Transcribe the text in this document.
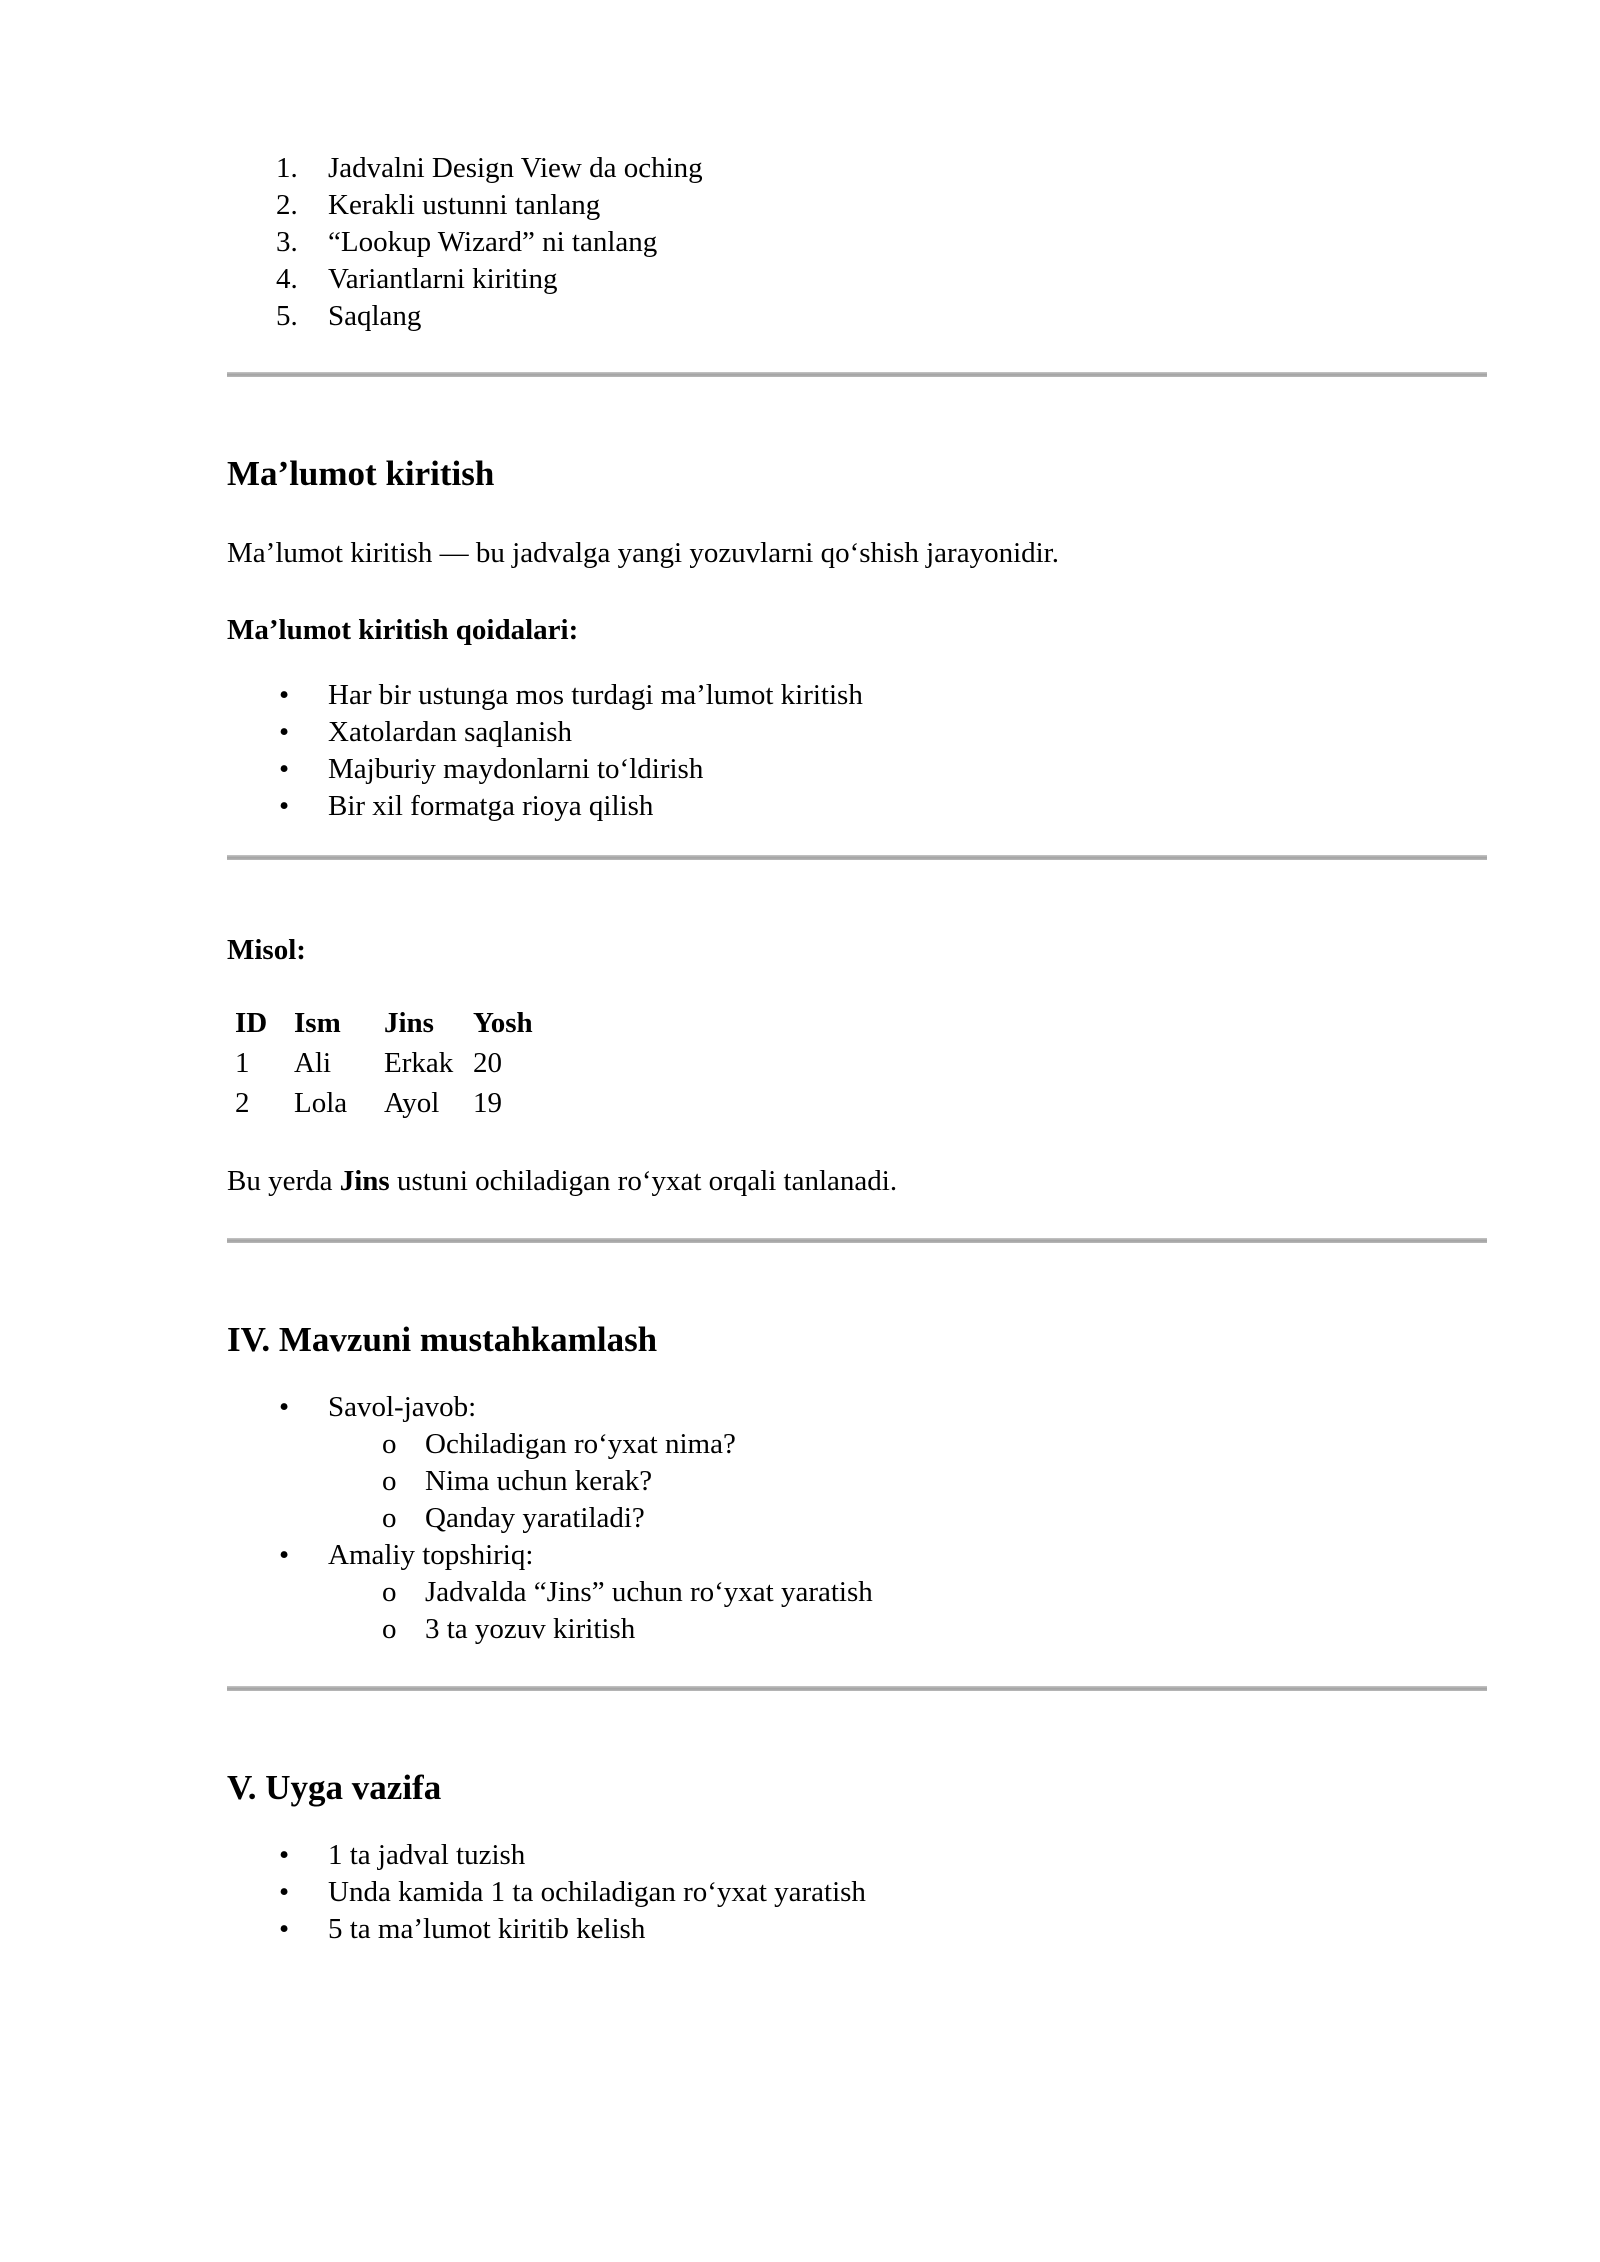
Jadvalni Design View da oching
Kerakli ustunni tanlang
“Lookup Wizard” ni tanlang
Variantlarni kiriting
Saqlang
Ma’lumot kiritish

Ma’lumot kiritish — bu jadvalga yangi yozuvlarni qo‘shish jarayonidir.

Ma’lumot kiritish qoidalari:

• Har bir ustunga mos turdagi ma’lumot kiritish
• Xatolardan saqlanish
• Majburiy maydonlarni to‘ldirish
• Bir xil formatga rioya qilish

Misol:

ID	Ism	Jins	Yosh
1	Ali	Erkak	20
2	Lola	Ayol	19

Bu yerda Jins ustuni ochiladigan ro‘yxat orqali tanlanadi.

IV. Mavzuni mustahkamlash
• Savol-javob:
o Ochiladigan ro‘yxat nima?
o Nima uchun kerak?
o Qanday yaratiladi?
• Amaliy topshiriq:
o Jadvalda “Jins” uchun ro‘yxat yaratish
o 3 ta yozuv kiritish
V. Uyga vazifa
• 1 ta jadval tuzish
• Unda kamida 1 ta ochiladigan ro‘yxat yaratish
• 5 ta ma’lumot kiritib kelish
